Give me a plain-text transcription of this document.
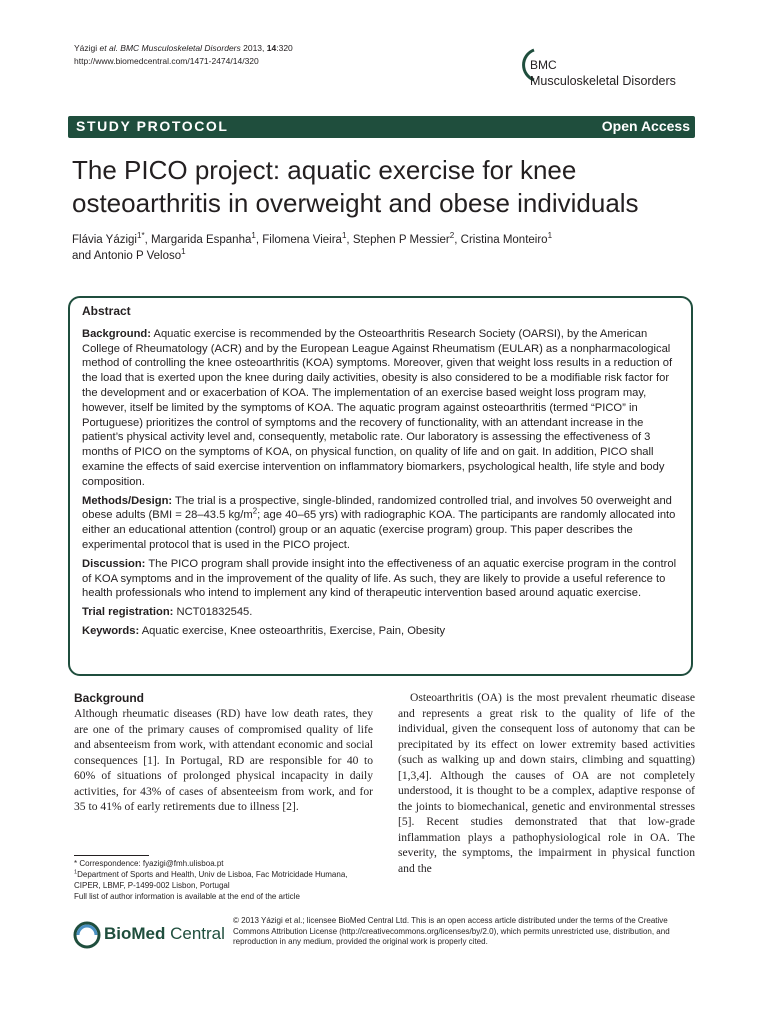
Yázigi et al. BMC Musculoskeletal Disorders 2013, 14:320
http://www.biomedcentral.com/1471-2474/14/320	BMC
Musculoskeletal Disorders
STUDY PROTOCOL	Open Access
The PICO project: aquatic exercise for knee osteoarthritis in overweight and obese individuals
Flávia Yázigi$^{1*}$, Margarida Espanha$^1$, Filomena Vieira$^1$, Stephen P Messier$^2$, Cristina Monteiro$^1$
and Antonio P Veloso$^1$
Abstract

Background: Aquatic exercise is recommended by the Osteoarthritis Research Society (OARSI), by the American College of Rheumatology (ACR) and by the European League Against Rheumatism (EULAR) as a nonpharmacological method of controlling the knee osteoarthritis (KOA) symptoms. Moreover, given that weight loss results in a reduction of the load that is exerted upon the knee during daily activities, obesity is also considered to be a modifiable risk factor for the development and or exacerbation of KOA. The implementation of an exercise based weight loss program may, however, itself be limited by the symptoms of KOA. The aquatic program against osteoarthritis (termed “PICO” in Portuguese) prioritizes the control of symptoms and the recovery of functionality, with an attendant increase in the patient’s physical activity level and, consequently, metabolic rate. Our laboratory is assessing the effectiveness of 3 months of PICO on the symptoms of KOA, on physical function, on quality of life and on gait. In addition, PICO shall examine the effects of said exercise intervention on inflammatory biomarkers, psychological health, life style and body composition.

Methods/Design: The trial is a prospective, single-blinded, randomized controlled trial, and involves 50 overweight and obese adults (BMI = 28–43.5 $kg/m^2$; age 40–65 yrs) with radiographic KOA. The participants are randomly allocated into either an educational attention (control) group or an aquatic (exercise program) group. This paper describes the experimental protocol that is used in the PICO project.

Discussion: The PICO program shall provide insight into the effectiveness of an aquatic exercise program in the control of KOA symptoms and in the improvement of the quality of life. As such, they are likely to provide a useful reference to health professionals who intend to implement any kind of therapeutic intervention based around aquatic exercise.

Trial registration: NCT01832545.

Keywords: Aquatic exercise, Knee osteoarthritis, Exercise, Pain, Obesity

Background

Although rheumatic diseases (RD) have low death rates, they are one of the primary causes of compromised quality of life and absenteeism from work, with attendant economic and social consequences [1]. In Portugal, RD are responsible for 40 to 60% of situations of prolonged physical incapacity in daily activities, for 43% of cases of absenteeism from work, and for 35 to 41% of early retirements due to illness [2].

Osteoarthritis (OA) is the most prevalent rheumatic disease and represents a great risk to the quality of life of the individual, given the consequent loss of autonomy that can be precipitated by its effect on lower extremity based activities (such as walking up and down stairs, climbing and squatting) [1,3,4]. Although the causes of OA are not completely understood, it is thought to be a complex, adaptive response of the joints to biomechanical, genetic and environmental stresses [5]. Recent studies demonstrated that that low-grade inflammation plays a pathophysiological role in OA. The severity, the symptoms, the impairment in physical function and the

* Correspondence: fyazigi@fmh.ulisboa.pt

$^1$Department of Sports and Health, Univ de Lisboa, Fac Motricidade Humana, CIPER, LBMF, P-1499-002 Lisbon, Portugal

Full list of author information is available at the end of the article

BioMed Central
© 2013 Yázigi et al.; licensee BioMed Central Ltd. This is an open access article distributed under the terms of the Creative Commons Attribution License (http://creativecommons.org/licenses/by/2.0), which permits unrestricted use, distribution, and reproduction in any medium, provided the original work is properly cited.
